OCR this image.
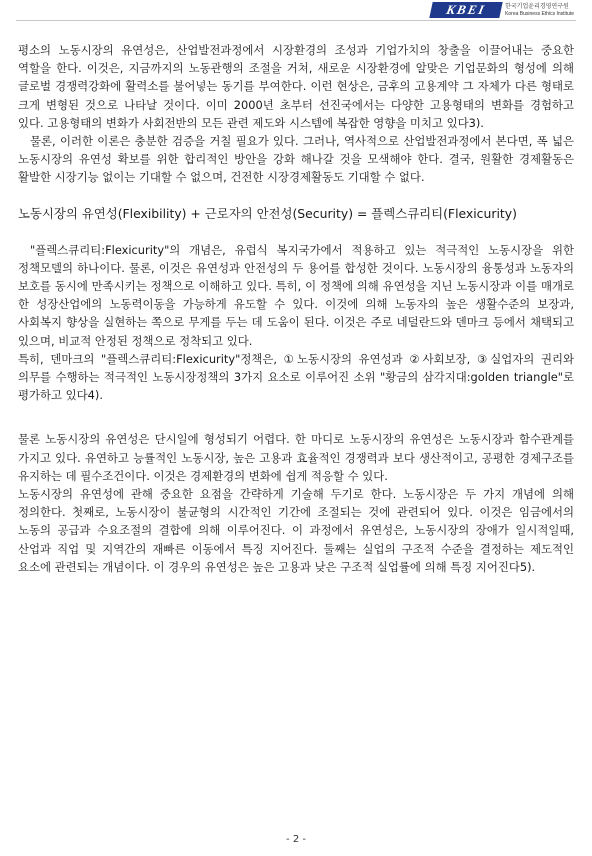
KBEI	한국기업윤리경영연구원
Korea Business Ethics Institute

평소의 노동시장의 유연성은, 산업발전과정에서 시장환경의 조성과 기업가치의 창출을 이끌어내는 중요한 역할을 한다. 이것은, 지금까지의 노동관행의 조절을 거쳐, 새로운 시장환경에 알맞은 기업문화의 형성에 의해 글로벌 경쟁력강화에 활력소를 불어넣는 동기를 부여한다. 이런 현상은, 금후의 고용계약 그 자체가 다른 형태로 크게 변형된 것으로 나타날 것이다. 이미 2000년 초부터 선진국에서는 다양한 고용형태의 변화를 경험하고 있다. 고용형태의 변화가 사회전반의 모든 관련 제도와 시스템에 복잡한 영향을 미치고 있다3).

물론, 이러한 이론은 충분한 검증을 거칠 필요가 있다. 그러나, 역사적으로 산업발전과정에서 본다면, 폭 넓은 노동시장의 유연성 확보를 위한 합리적인 방안을 강화 해나갈 것을 모색해야 한다. 결국, 원활한 경제활동은 활발한 시장기능 없이는 기대할 수 없으며, 건전한 시장경제활동도 기대할 수 없다.

노동시장의 유연성(Flexibility) + 근로자의 안전성(Security) = 플렉스큐리티(Flexicurity)

"플렉스큐리티:Flexicurity"의 개념은, 유럽식 복지국가에서 적용하고 있는 적극적인 노동시장을 위한 정책모델의 하나이다. 물론, 이것은 유연성과 안전성의 두 용어를 합성한 것이다. 노동시장의 융통성과 노동자의 보호를 동시에 만족시키는 정책으로 이해하고 있다. 특히, 이 정책에 의해 유연성을 지닌 노동시장과 이를 매개로 한 성장산업에의 노동력이동을 가능하게 유도할 수 있다. 이것에 의해 노동자의 높은 생활수준의 보장과, 사회복지 향상을 실현하는 쪽으로 무게를 두는 데 도움이 된다. 이것은 주로 네덜란드와 덴마크 등에서 채택되고 있으며, 비교적 안정된 정책으로 정착되고 있다.

특히, 덴마크의 "플렉스큐리티:Flexicurity"정책은, ①노동시장의 유연성과 ②사회보장, ③실업자의 권리와 의무를 수행하는 적극적인 노동시장정책의 3가지 요소로 이루어진 소위 "황금의 삼각지대:golden triangle"로 평가하고 있다4).

물론 노동시장의 유연성은 단시일에 형성되기 어렵다. 한 마디로 노동시장의 유연성은 노동시장과 함수관계를 가지고 있다. 유연하고 능률적인 노동시장, 높은 고용과 효율적인 경쟁력과 보다 생산적이고, 공평한 경제구조를 유지하는 데 필수조건이다. 이것은 경제환경의 변화에 쉽게 적응할 수 있다.

노동시장의 유연성에 관해 중요한 요점을 간략하게 기술해 두기로 한다. 노동시장은 두 가지 개념에 의해 정의한다. 첫째로, 노동시장이 불균형의 시간적인 기간에 조절되는 것에 관련되어 있다. 이것은 임금에서의 노동의 공급과 수요조절의 결합에 의해 이루어진다. 이 과정에서 유연성은, 노동시장의 장애가 일시적일때, 산업과 직업 및 지역간의 재빠른 이동에서 특징 지어진다. 둘째는 실업의 구조적 수준을 결정하는 제도적인 요소에 관련되는 개념이다. 이 경우의 유연성은 높은 고용과 낮은 구조적 실업률에 의해 특징 지어진다5).

- 2 -
